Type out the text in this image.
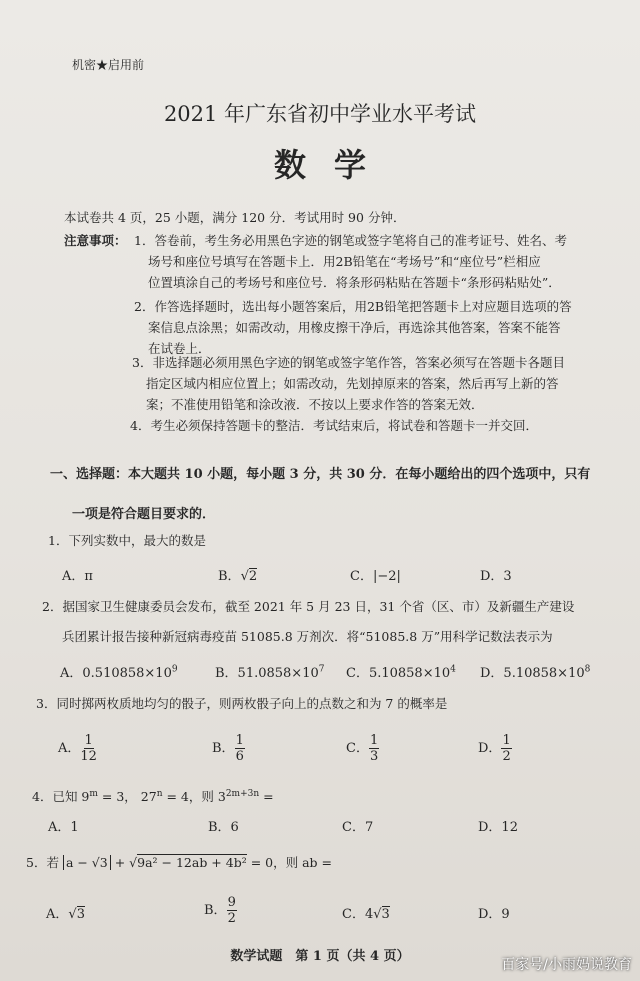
机密★启用前
2021 年广东省初中学业水平考试
数学
本试卷共 4 页，25 小题，满分 120 分．考试用时 90 分钟．
注意事项： 1．答卷前，考生务必用黑色字迹的钢笔或签字笔将自己的准考证号、姓名、考
场号和座位号填写在答题卡上．用2B铅笔在“考场号”和“座位号”栏相应
位置填涂自己的考场号和座位号．将条形码粘贴在答题卡“条形码粘贴处”．
2．作答选择题时，选出每小题答案后，用2B铅笔把答题卡上对应题目选项的答
案信息点涂黑；如需改动，用橡皮擦干净后，再选涂其他答案，答案不能答
在试卷上．
3．非选择题必须用黑色字迹的钢笔或签字笔作答，答案必须写在答题卡各题目
指定区域内相应位置上；如需改动，先划掉原来的答案，然后再写上新的答
案；不准使用铅笔和涂改液．不按以上要求作答的答案无效．
4．考生必须保持答题卡的整洁．考试结束后，将试卷和答题卡一并交回．
一、选择题：本大题共 10 小题，每小题 3 分，共 30 分．在每小题给出的四个选项中，只有
一项是符合题目要求的．
1．下列实数中，最大的数是
A．π	B．√2	C．|−2|	D．3
2．据国家卫生健康委员会发布，截至 2021 年 5 月 23 日，31 个省（区、市）及新疆生产建设
兵团累计报告接种新冠病毒疫苗 51085.8 万剂次．将“51085.8 万”用科学记数法表示为
A．$0.510858\times 10^9$	B．$51.0858\times 10^7$ C．$5.10858\times 10^4$ D．$5.10858\times 10^8$
3．同时掷两枚质地均匀的骰子，则两枚骰子向上的点数之和为 7 的概率是
A． $\frac{1}{12}$	B． $\frac{1}{6}$	C． $\frac{1}{3}$	D． $\frac{1}{2}$
4．已知 $9^m = 3$， $27^n = 4$，则 $3^{2m+3n}$ =
A．1	B．6	C．7	D．12
5．若 a − √3 + √9a² − 12ab + 4b² = 0，则 ab =
A．√3	B． $\frac{9}{2}$	C．4√3	D．9
数学试题　第 1 页（共 4 页）
百家号/小雨妈说教育
